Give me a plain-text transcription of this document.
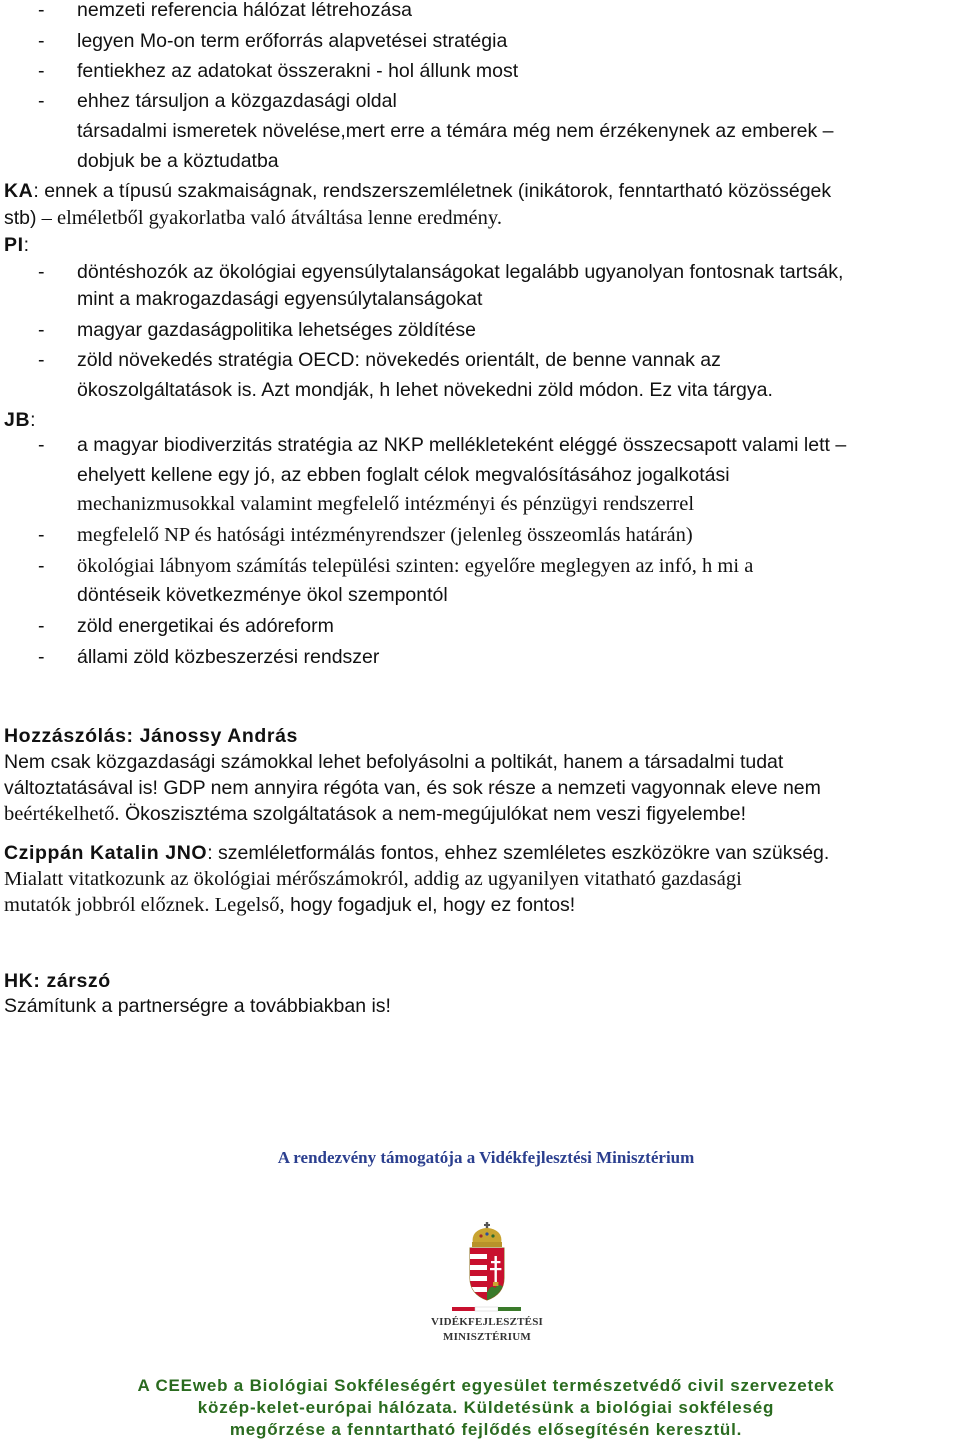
- nemzeti referencia hálózat létrehozása
- legyen Mo-on term erőforrás alapvetései stratégia
- fentiekhez az adatokat összerakni - hol állunk most
- ehhez társuljon a közgazdasági oldal
társadalmi ismeretek növelése,mert erre a témára még nem érzékenynek az emberek –
dobjuk be a köztudatba
KA: ennek a típusú szakmaiságnak, rendszerszemléletnek (inikátorok, fenntartható közösségek
stb) – elméletből gyakorlatba való átváltása lenne eredmény.
PI:
- döntéshozók az ökológiai egyensúlytalanságokat legalább ugyanolyan fontosnak tartsák,
mint a makrogazdasági egyensúlytalanságokat
- magyar gazdaságpolitika lehetséges zöldítése
- zöld növekedés stratégia OECD: növekedés orientált, de benne vannak az
ökoszolgáltatások is. Azt mondják, h lehet növekedni zöld módon. Ez vita tárgya.
JB:
- a magyar biodiverzitás stratégia az NKP mellékleteként eléggé összecsapott valami lett –
ehelyett kellene egy jó, az ebben foglalt célok megvalósításához jogalkotási
mechanizmusokkal valamint megfelelő intézményi és pénzügyi rendszerrel
- megfelelő NP és hatósági intézményrendszer (jelenleg összeomlás határán)
- ökológiai lábnyom számítás települési szinten: egyelőre meglegyen az infó, h mi a
döntéseik következménye ökol szempontól
- zöld energetikai és adóreform
- állami zöld közbeszerzési rendszer
Hozzászólás: Jánossy András
Nem csak közgazdasági számokkal lehet befolyásolni a poltikát, hanem a társadalmi tudat
változtatásával is! GDP nem annyira régóta van, és sok része a nemzeti vagyonnak eleve nem
beértékelhető. Ökoszisztéma szolgáltatások a nem-megújulókat nem veszi figyelembe!
Czippán Katalin JNO: szemléletformálás fontos, ehhez szemléletes eszközökre van szükség.
Mialatt vitatkozunk az ökológiai mérőszámokról, addig az ugyanilyen vitatható gazdasági
mutatók jobbról előznek. Legelső, hogy fogadjuk el, hogy ez fontos!
HK: zárszó
Számítunk a partnerségre a továbbiakban is!
A rendezvény támogatója a Vidékfejlesztési Minisztérium
VIDÉKFEJLESZTÉSI
MINISZTÉRIUM
A CEEweb a Biológiai Sokféleségért egyesület természetvédő civil szervezetek
közép-kelet-európai hálózata. Küldetésünk a biológiai sokféleség
megőrzése a fenntartható fejlődés elősegítésén keresztül.
